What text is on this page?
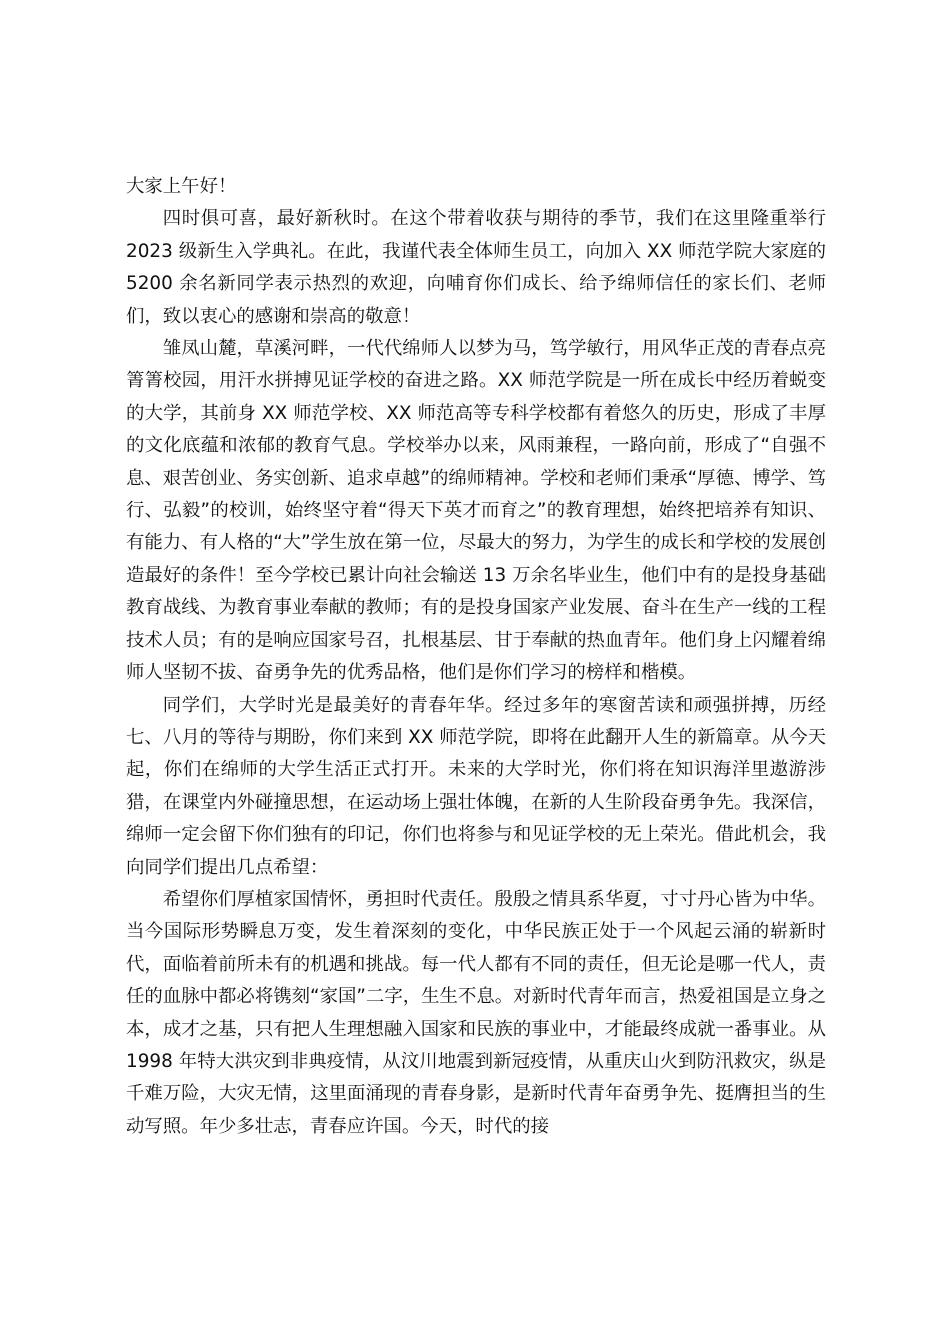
大家上午好！

四时俱可喜，最好新秋时。在这个带着收获与期待的季节，我们在这里隆重举行 2023 级新生入学典礼。在此，我谨代表全体师生员工，向加入 XX 师范学院大家庭的 5200 余名新同学表示热烈的欢迎，向哺育你们成长、给予绵师信任的家长们、老师们，致以衷心的感谢和崇高的敬意！

雏凤山麓，草溪河畔，一代代绵师人以梦为马，笃学敏行，用风华正茂的青春点亮箐箐校园，用汗水拼搏见证学校的奋进之路。XX 师范学院是一所在成长中经历着蜕变的大学，其前身 XX 师范学校、XX 师范高等专科学校都有着悠久的历史，形成了丰厚的文化底蕴和浓郁的教育气息。学校举办以来，风雨兼程，一路向前，形成了“自强不息、艰苦创业、务实创新、追求卓越”的绵师精神。学校和老师们秉承“厚德、博学、笃行、弘毅”的校训，始终坚守着“得天下英才而育之”的教育理想，始终把培养有知识、有能力、有人格的“大”学生放在第一位，尽最大的努力，为学生的成长和学校的发展创造最好的条件！至今学校已累计向社会输送 13 万余名毕业生，他们中有的是投身基础教育战线、为教育事业奉献的教师；有的是投身国家产业发展、奋斗在生产一线的工程技术人员；有的是响应国家号召，扎根基层、甘于奉献的热血青年。他们身上闪耀着绵师人坚韧不拔、奋勇争先的优秀品格，他们是你们学习的榜样和楷模。

同学们，大学时光是最美好的青春年华。经过多年的寒窗苦读和顽强拼搏，历经七、八月的等待与期盼，你们来到 XX 师范学院，即将在此翻开人生的新篇章。从今天起，你们在绵师的大学生活正式打开。未来的大学时光，你们将在知识海洋里遨游涉猎，在课堂内外碰撞思想，在运动场上强壮体魄，在新的人生阶段奋勇争先。我深信，绵师一定会留下你们独有的印记，你们也将参与和见证学校的无上荣光。借此机会，我向同学们提出几点希望：

希望你们厚植家国情怀，勇担时代责任。殷殷之情具系华夏，寸寸丹心皆为中华。当今国际形势瞬息万变，发生着深刻的变化，中华民族正处于一个风起云涌的崭新时代，面临着前所未有的机遇和挑战。每一代人都有不同的责任，但无论是哪一代人，责任的血脉中都必将镌刻“家国”二字，生生不息。对新时代青年而言，热爱祖国是立身之本，成才之基，只有把人生理想融入国家和民族的事业中，才能最终成就一番事业。从 1998 年特大洪灾到非典疫情，从汶川地震到新冠疫情，从重庆山火到防汛救灾，纵是千难万险，大灾无情，这里面涌现的青春身影，是新时代青年奋勇争先、挺膺担当的生动写照。年少多壮志，青春应许国。今天，时代的接
